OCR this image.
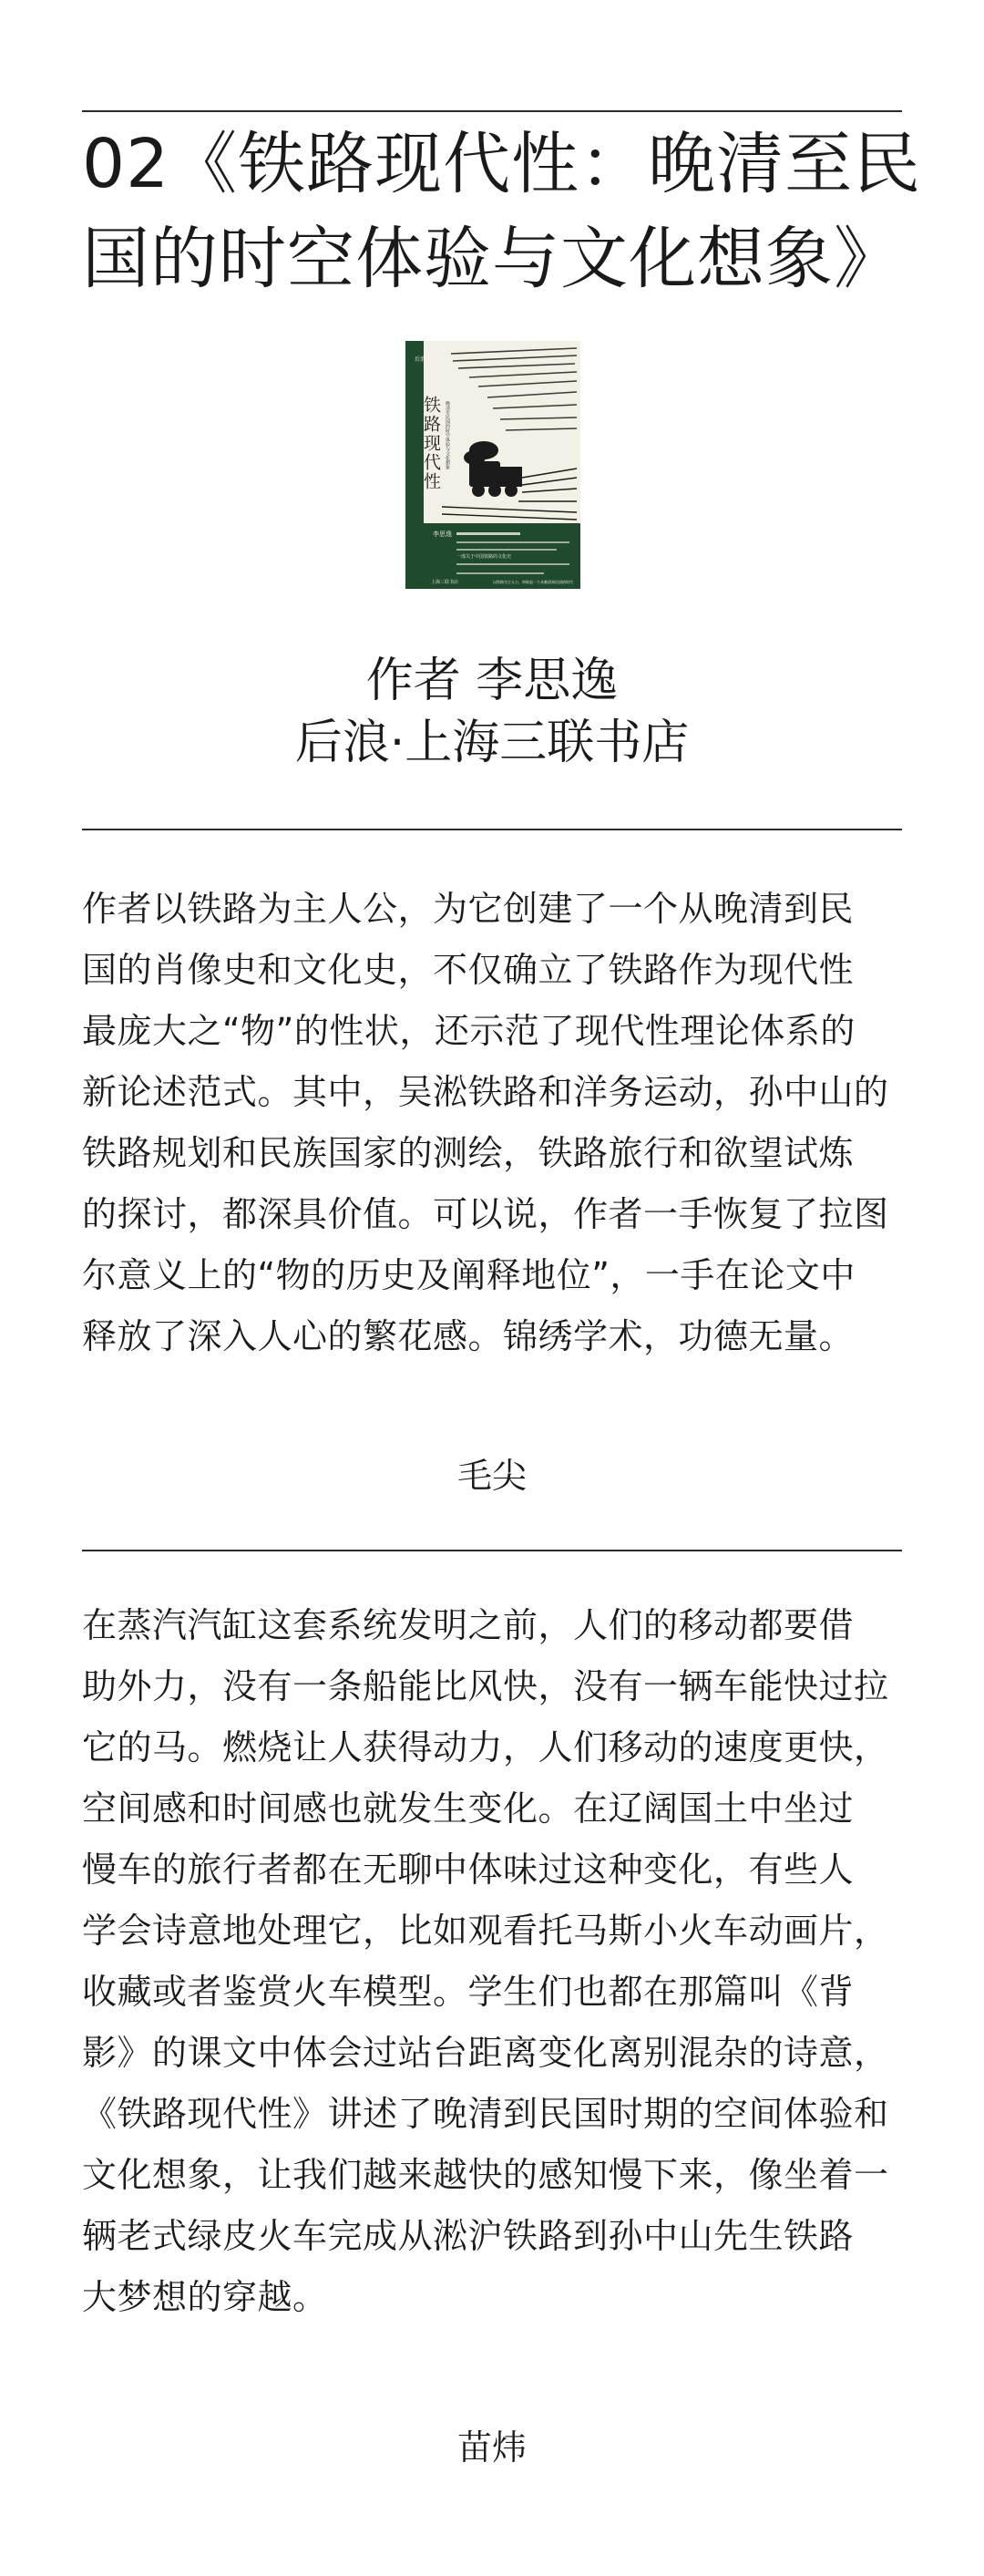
02《铁路现代性：晚清至民
国的时空体验与文化想象》
后浪
铁路现代性 晚清至民国的时空体验与文化想象
李思逸
一部关于中国铁路的文化史
上海三联书店	以铁路为主人公，串联起一个从晚清到民国的时代
作者 李思逸
后浪·上海三联书店

作者以铁路为主人公，为它创建了一个从晚清到民
国的肖像史和文化史，不仅确立了铁路作为现代性
最庞大之“物”的性状，还示范了现代性理论体系的
新论述范式。其中，吴淞铁路和洋务运动，孙中山的
铁路规划和民族国家的测绘，铁路旅行和欲望试炼
的探讨，都深具价值。可以说，作者一手恢复了拉图
尔意义上的“物的历史及阐释地位”，一手在论文中
释放了深入人心的繁花感。锦绣学术，功德无量。

毛尖

在蒸汽汽缸这套系统发明之前，人们的移动都要借
助外力，没有一条船能比风快，没有一辆车能快过拉
它的马。燃烧让人获得动力，人们移动的速度更快，
空间感和时间感也就发生变化。在辽阔国土中坐过
慢车的旅行者都在无聊中体味过这种变化，有些人
学会诗意地处理它，比如观看托马斯小火车动画片，
收藏或者鉴赏火车模型。学生们也都在那篇叫《背
影》的课文中体会过站台距离变化离别混杂的诗意，
《铁路现代性》讲述了晚清到民国时期的空间体验和
文化想象，让我们越来越快的感知慢下来，像坐着一
辆老式绿皮火车完成从淞沪铁路到孙中山先生铁路
大梦想的穿越。

苗炜
